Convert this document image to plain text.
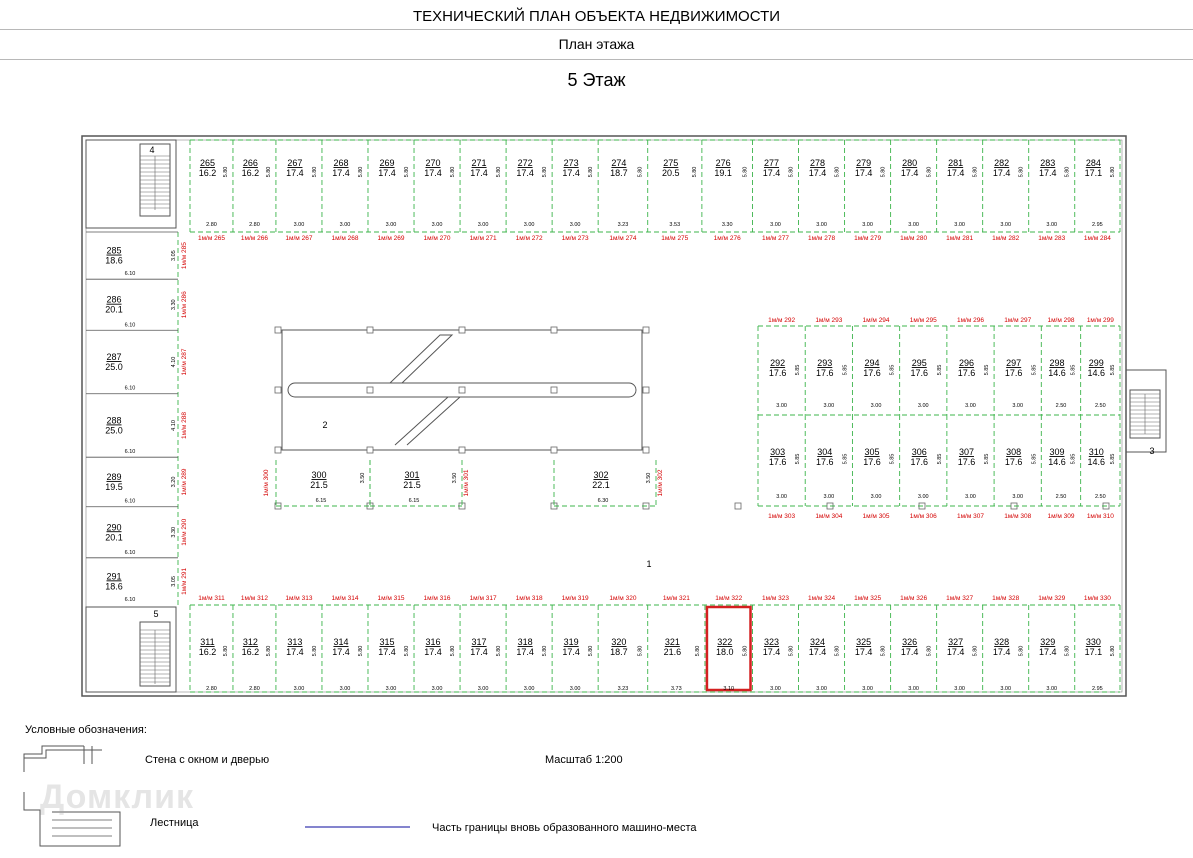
ТЕХНИЧЕСКИЙ ПЛАН ОБЪЕКТА НЕДВИЖИМОСТИ
План этажа
5 Этаж
4
5
3
2
1
265
16.2 5.80
2.80
1м/м 265
266
16.2 5.80
2.80
1м/м 266
267
17.4 5.80
3.00
1м/м 267
268
17.4 5.80
3.00
1м/м 268
269
17.4 5.80
3.00
1м/м 269
270
17.4 5.80
3.00
1м/м 270
271
17.4 5.80
3.00
1м/м 271
272
17.4 5.80
3.00
1м/м 272
273
17.4 5.80
3.00
1м/м 273
274
18.7 5.80
3.23
1м/м 274
275
20.5 5.80
3.53
1м/м 275
276
19.1 5.80
3.30
1м/м 276
277
17.4 5.80
3.00
1м/м 277
278
17.4 5.80
3.00
1м/м 278
279
17.4 5.80
3.00
1м/м 279
280
17.4 5.80
3.00
1м/м 280
281
17.4 5.80
3.00
1м/м 281
282
17.4 5.80
3.00
1м/м 282
283
17.4 5.80
3.00
1м/м 283
284
17.1 5.80
2.95
1м/м 284
311
16.2 5.80
2.80
1м/м 311
312
16.2 5.80
2.80
1м/м 312
313
17.4 5.80
3.00
1м/м 313
314
17.4 5.80
3.00
1м/м 314
315
17.4 5.80
3.00
1м/м 315
316
17.4 5.80
3.00
1м/м 316
317
17.4 5.80
3.00
1м/м 317
318
17.4 5.80
3.00
1м/м 318
319
17.4 5.80
3.00
1м/м 319
320
18.7 5.80
3.23
1м/м 320
321
21.6	5.80
3.73
1м/м 321
322
18.0 5.80
3.10
1м/м 322
323
17.4 5.80
3.00
1м/м 323
324
17.4 5.80
3.00
1м/м 324
325
17.4 5.80
3.00
1м/м 325
326
17.4 5.80
3.00
1м/м 326
327
17.4 5.80
3.00
1м/м 327
328
17.4 5.80
3.00
1м/м 328
329
17.4 5.80
3.00
1м/м 329
330
17.1 5.80
2.95
1м/м 330
285
18.6
6.10
3.05 1м/м 285
286
20.1
6.10
3.30 1м/м 286
287
25.0
6.10
4.10 1м/м 287
288
25.0
6.10
4.10 1м/м 288
289
19.5
6.10
3.20 1м/м 289
290
20.1
6.10
3.30 1м/м 290
291
18.6
6.10
3.05 1м/м 291
292
17.6 5.85
3.00
1м/м 292
293
17.6 5.85
3.00
1м/м 293
294
17.6 5.85
3.00
1м/м 294
295
17.6 5.85
3.00
1м/м 295
296
17.6 5.85
3.00
1м/м 296
297
17.6 5.85
3.00
1м/м 297
298
14.6 5.85
2.50
1м/м 298
299
14.6 5.85
2.50
1м/м 299
303
17.6 5.85
3.00
1м/м 303
304
17.6 5.85
3.00
1м/м 304
305
17.6 5.85
3.00
1м/м 305
306
17.6 5.85
3.00
1м/м 306
307
17.6 5.85
3.00
1м/м 307
308
17.6 5.85
3.00
1м/м 308
309
14.6 5.85
2.50
1м/м 309
310
14.6 5.85
2.50
1м/м 310
300
21.5
6.15
3.50
1м/м 300	301
21.5
6.15
3.50 1м/м 301	302
22.1
6.30
3.50 1м/м 302
Условные обозначения:
Стена с окном и дверью
Лестница
Масштаб 1:200
Часть границы вновь образованного машино-места
Домклик
